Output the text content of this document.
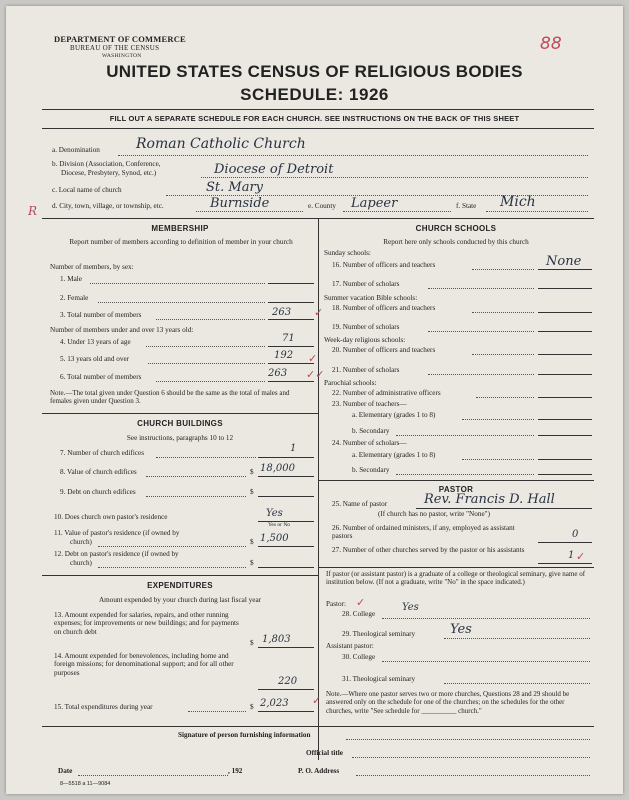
DEPARTMENT OF COMMERCE
BUREAU OF THE CENSUS
WASHINGTON
88
UNITED STATES CENSUS OF RELIGIOUS BODIES
SCHEDULE: 1926
FILL OUT A SEPARATE SCHEDULE FOR EACH CHURCH. SEE INSTRUCTIONS ON THE BACK OF THIS SHEET
a. Denomination	Roman Catholic Church
b. Division (Association, Conference,
Diocese, Presbytery, Synod, etc.)	Diocese of Detroit
c. Local name of church	St. Mary
R d. City, town, village, or township, etc.	Burnside	e. County Lapeer	f. State Mich
MEMBERSHIP
Report number of members according to definition of member in your church
Number of members, by sex:
1. Male
2. Female
3. Total number of members	263 ✓
Number of members under and over 13 years old:
4. Under 13 years of age	71
5. 13 years old and over	192 ✓
6. Total number of members	263 ✓✓
Note.—The total given under Question 6 should be the same as the total of males and females given under Question 3.
CHURCH BUILDINGS
See instructions, paragraphs 10 to 12
7. Number of church edifices	1
8. Value of church edifices	$ 18,000
9. Debt on church edifices	$
10. Does church own pastor's residence	Yes
Yes or No
11. Value of pastor's residence (if owned by
church)	$ 1,500
12. Debt on pastor's residence (if owned by
church)	$
EXPENDITURES
Amount expended by your church during last fiscal year
13. Amount expended for salaries, repairs, and other running expenses; for improvements or new buildings; and for payments on church debt
$ 1,803
14. Amount expended for benevolences, including home and foreign missions; for denominational support; and for all other purposes
220
15. Total expenditures during year	$ 2,023 ✓
CHURCH SCHOOLS
Report here only schools conducted by this church
Sunday schools:
16. Number of officers and teachers	None
17. Number of scholars
Summer vacation Bible schools:
18. Number of officers and teachers
19. Number of scholars
Week-day religious schools:
20. Number of officers and teachers
21. Number of scholars
Parochial schools:
22. Number of administrative officers
23. Number of teachers—
a. Elementary (grades 1 to 8)
b. Secondary
24. Number of scholars—
a. Elementary (grades 1 to 8)
b. Secondary
PASTOR
25. Name of pastor	Rev. Francis D. Hall
(If church has no pastor, write "None")
26. Number of ordained ministers, if any, employed as assistant pastors	0
27. Number of other churches served by the pastor or his assistants	1 ✓
If pastor (or assistant pastor) is a graduate of a college or theological seminary, give name of institution below. (If not a graduate, write "No" in the space indicated.)
Pastor: ✓
28. College
Yes
29. Theological seminary	Yes
Assistant pastor:
30. College
31. Theological seminary
Note.—Where one pastor serves two or more churches, Questions 28 and 29 should be answered only on the schedule for one of the churches; on the schedules for the other churches, write "See schedule for __________ church."
Signature of person furnishing information
Official title
Date	, 192	P. O. Address
8—5518 a 11—9084
